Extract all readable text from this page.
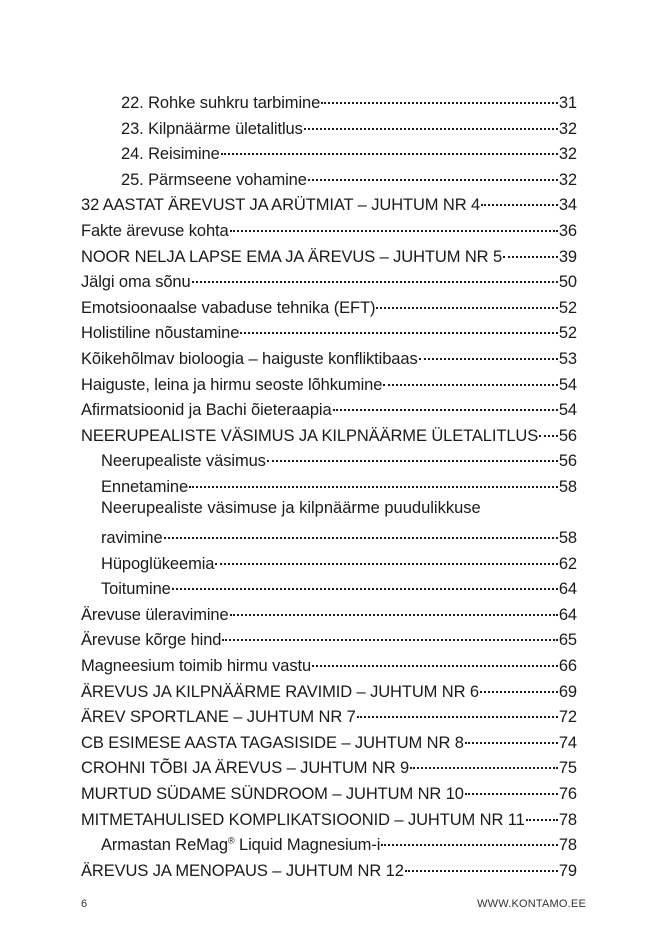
22. Rohke suhkru tarbimine	31
23. Kilpnäärme ületalitlus	32
24. Reisimine	32
25. Pärmseene vohamine	32
32 AASTAT ÄREVUST JA ARÜTMIAT – JUHTUM NR 4	34
Fakte ärevuse kohta	36
NOOR NELJA LAPSE EMA JA ÄREVUS – JUHTUM NR 5	39
Jälgi oma sõnu	50
Emotsioonaalse vabaduse tehnika (EFT)	52
Holistiline nõustamine	52
Kõikehõlmav bioloogia – haiguste konfliktibaas	53
Haiguste, leina ja hirmu seoste lõhkumine	54
Afirmatsioonid ja Bachi õieteraapia	54
NEERUPEALISTE VÄSIMUS JA KILPNÄÄRME ÜLETALITLUS 56
Neerupealiste väsimus	56
Ennetamine	58
Neerupealiste väsimuse ja kilpnäärme puudulikkuse
ravimine	58
Hüpoglükeemia	62
Toitumine	64
Ärevuse üleravimine	64
Ärevuse kõrge hind	65
Magneesium toimib hirmu vastu	66
ÄREVUS JA KILPNÄÄRME RAVIMID – JUHTUM NR 6	69
ÄREV SPORTLANE – JUHTUM NR 7	72
CB ESIMESE AASTA TAGASISIDE – JUHTUM NR 8	74
CROHNI TÕBI JA ÄREVUS – JUHTUM NR 9	75
MURTUD SÜDAME SÜNDROOM – JUHTUM NR 10	76
MITMETAHULISED KOMPLIKATSIOONID – JUHTUM NR 11 78
Armastan ReMag® Liquid Magnesium-i	78
ÄREVUS JA MENOPAUS – JUHTUM NR 12	79
6	WWW.KONTAMO.EE
